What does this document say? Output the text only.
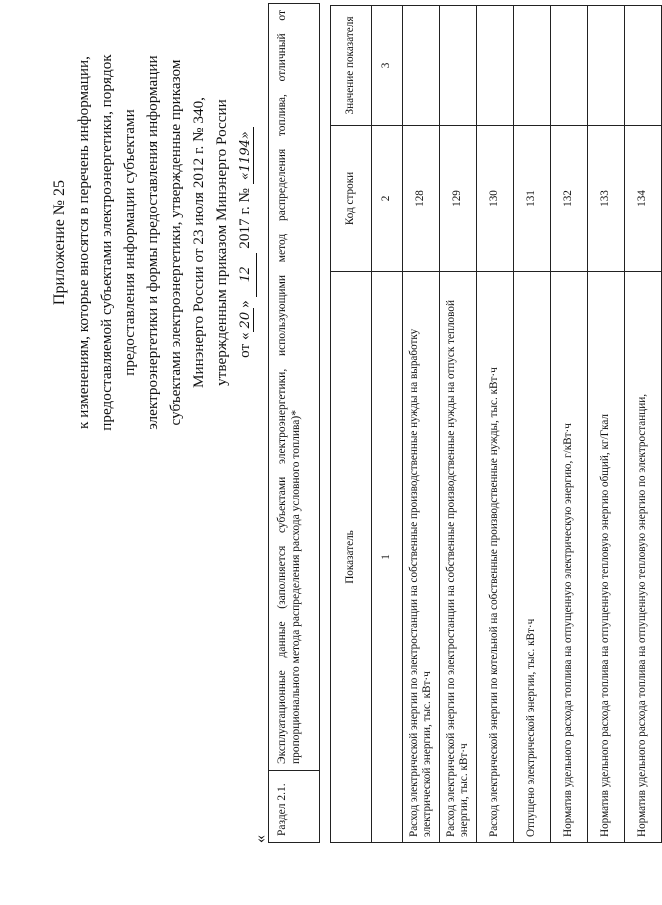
Приложение № 25 к изменениям, которые вносятся в перечень информации, предоставляемой субъектами электроэнергетики, порядок предоставления информации субъектами электроэнергетики и формы предоставления информации субъектами электроэнергетики, утвержденные приказом Минэнерго России от 23 июля 2012 г. № 340, утвержденным приказом Минэнерго России от «20» 12 2017 г. № «1194»
«
Раздел 2.1.
Эксплуатационные данные (заполняется субъектами электроэнергетики, использующими метод распределения топлива, отличный от пропорционального метода распределения расхода условного топлива)*	Показатель	Код строки	Значение показателя
1	2	3
Расход электрической энергии по электростанции на собственные производственные нужды на выработку электрической энергии, тыс. кВт·ч	128	
Расход электрической энергии по электростанции на собственные производственные нужды на отпуск тепловой энергии, тыс. кВт·ч	129	
Расход электрической энергии по котельной на собственные производственные нужды, тыс. кВт·ч	130	
Отпущено электрической энергии, тыс. кВт·ч	131	
Норматив удельного расхода топлива на отпущенную электрическую энергию, г/кВт·ч	132	
Норматив удельного расхода топлива на отпущенную тепловую энергию общий, кг/Гкал	133	
Норматив удельного расхода топлива на отпущенную тепловую энергию по электростанции,	134	
